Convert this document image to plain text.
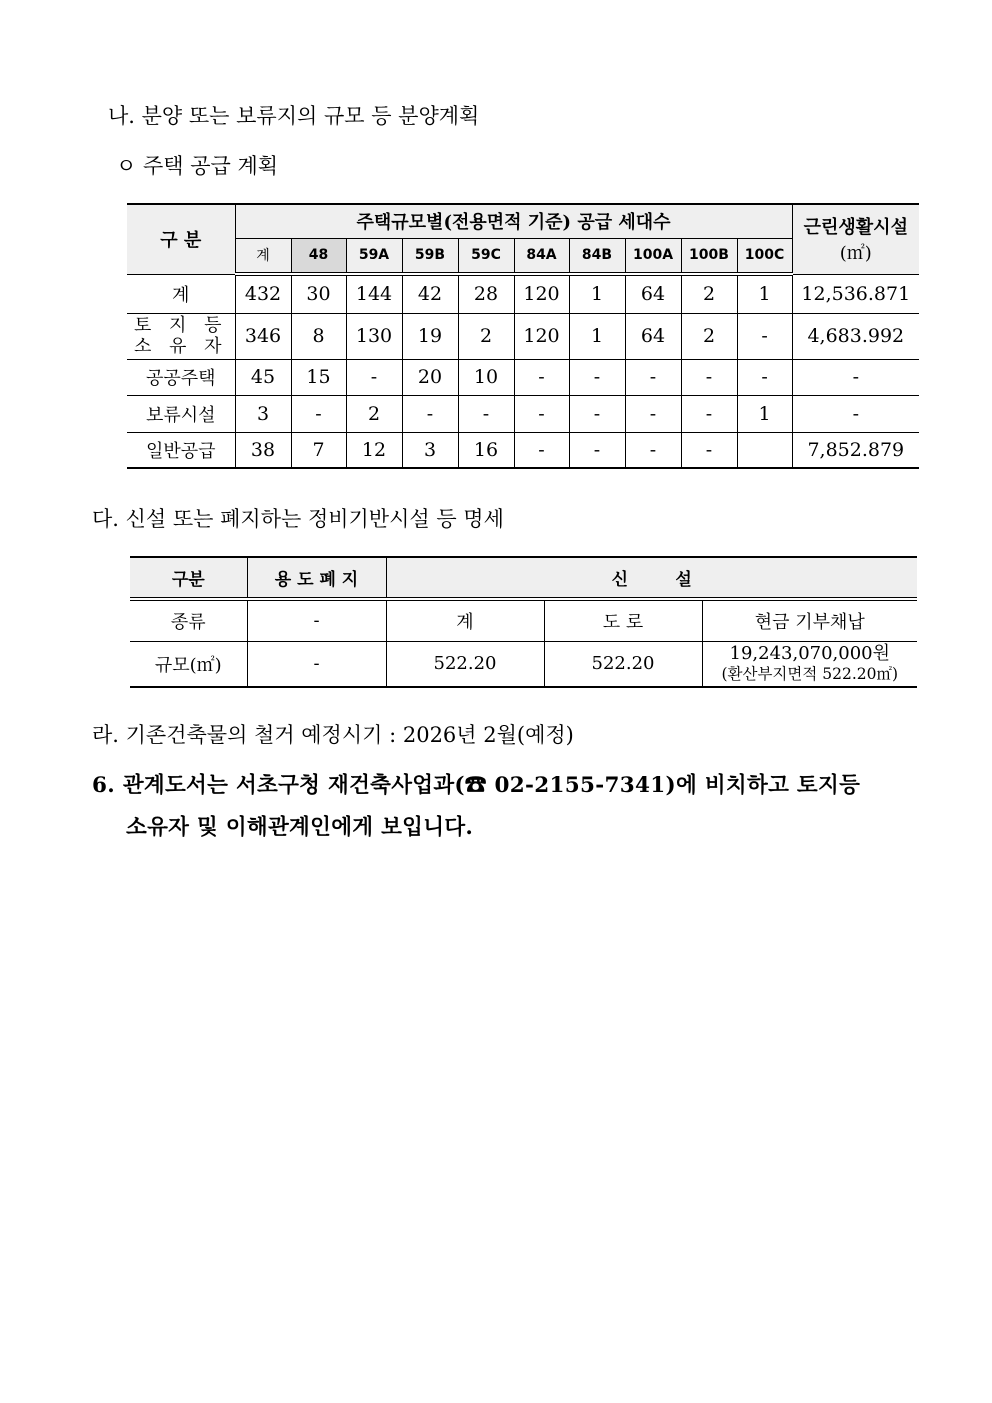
나. 분양 또는 보류지의 규모 등 분양계획
ㅇ 주택 공급 계획
구 분	주택규모별(전용면적 기준) 공급 세대수										근린생활시설
(㎡)

	계	48	59A	59B	59C	84A	84B	100A	100B	100C	
계	432	30	144	42	28	120	1	64	2	1	12,536.871

토 지 등
소 유 자	346	8	130	19	2	120	1	64	2	-	4,683.992
공공주택	45	15	-	20	10	-	-	-	-	-	-
보류시설	3	-	2	-	-	-	-	-	-	1	-
일반공급	38	7	12	3	16	-	-	-	-		7,852.879
다. 신설 또는 폐지하는 정비기반시설 등 명세
구분	용 도 폐 지	신        설		
종류	-	계	도 로	현금 기부채납
규모(㎡)	-	522.20	522.20	19,243,070,000원
(환산부지면적 522.20㎡)
라. 기존건축물의 철거 예정시기 : 2026년 2월(예정)
6. 관계도서는 서초구청 재건축사업과(☎ 02-2155-7341)에 비치하고 토지등
소유자 및 이해관계인에게 보입니다.
